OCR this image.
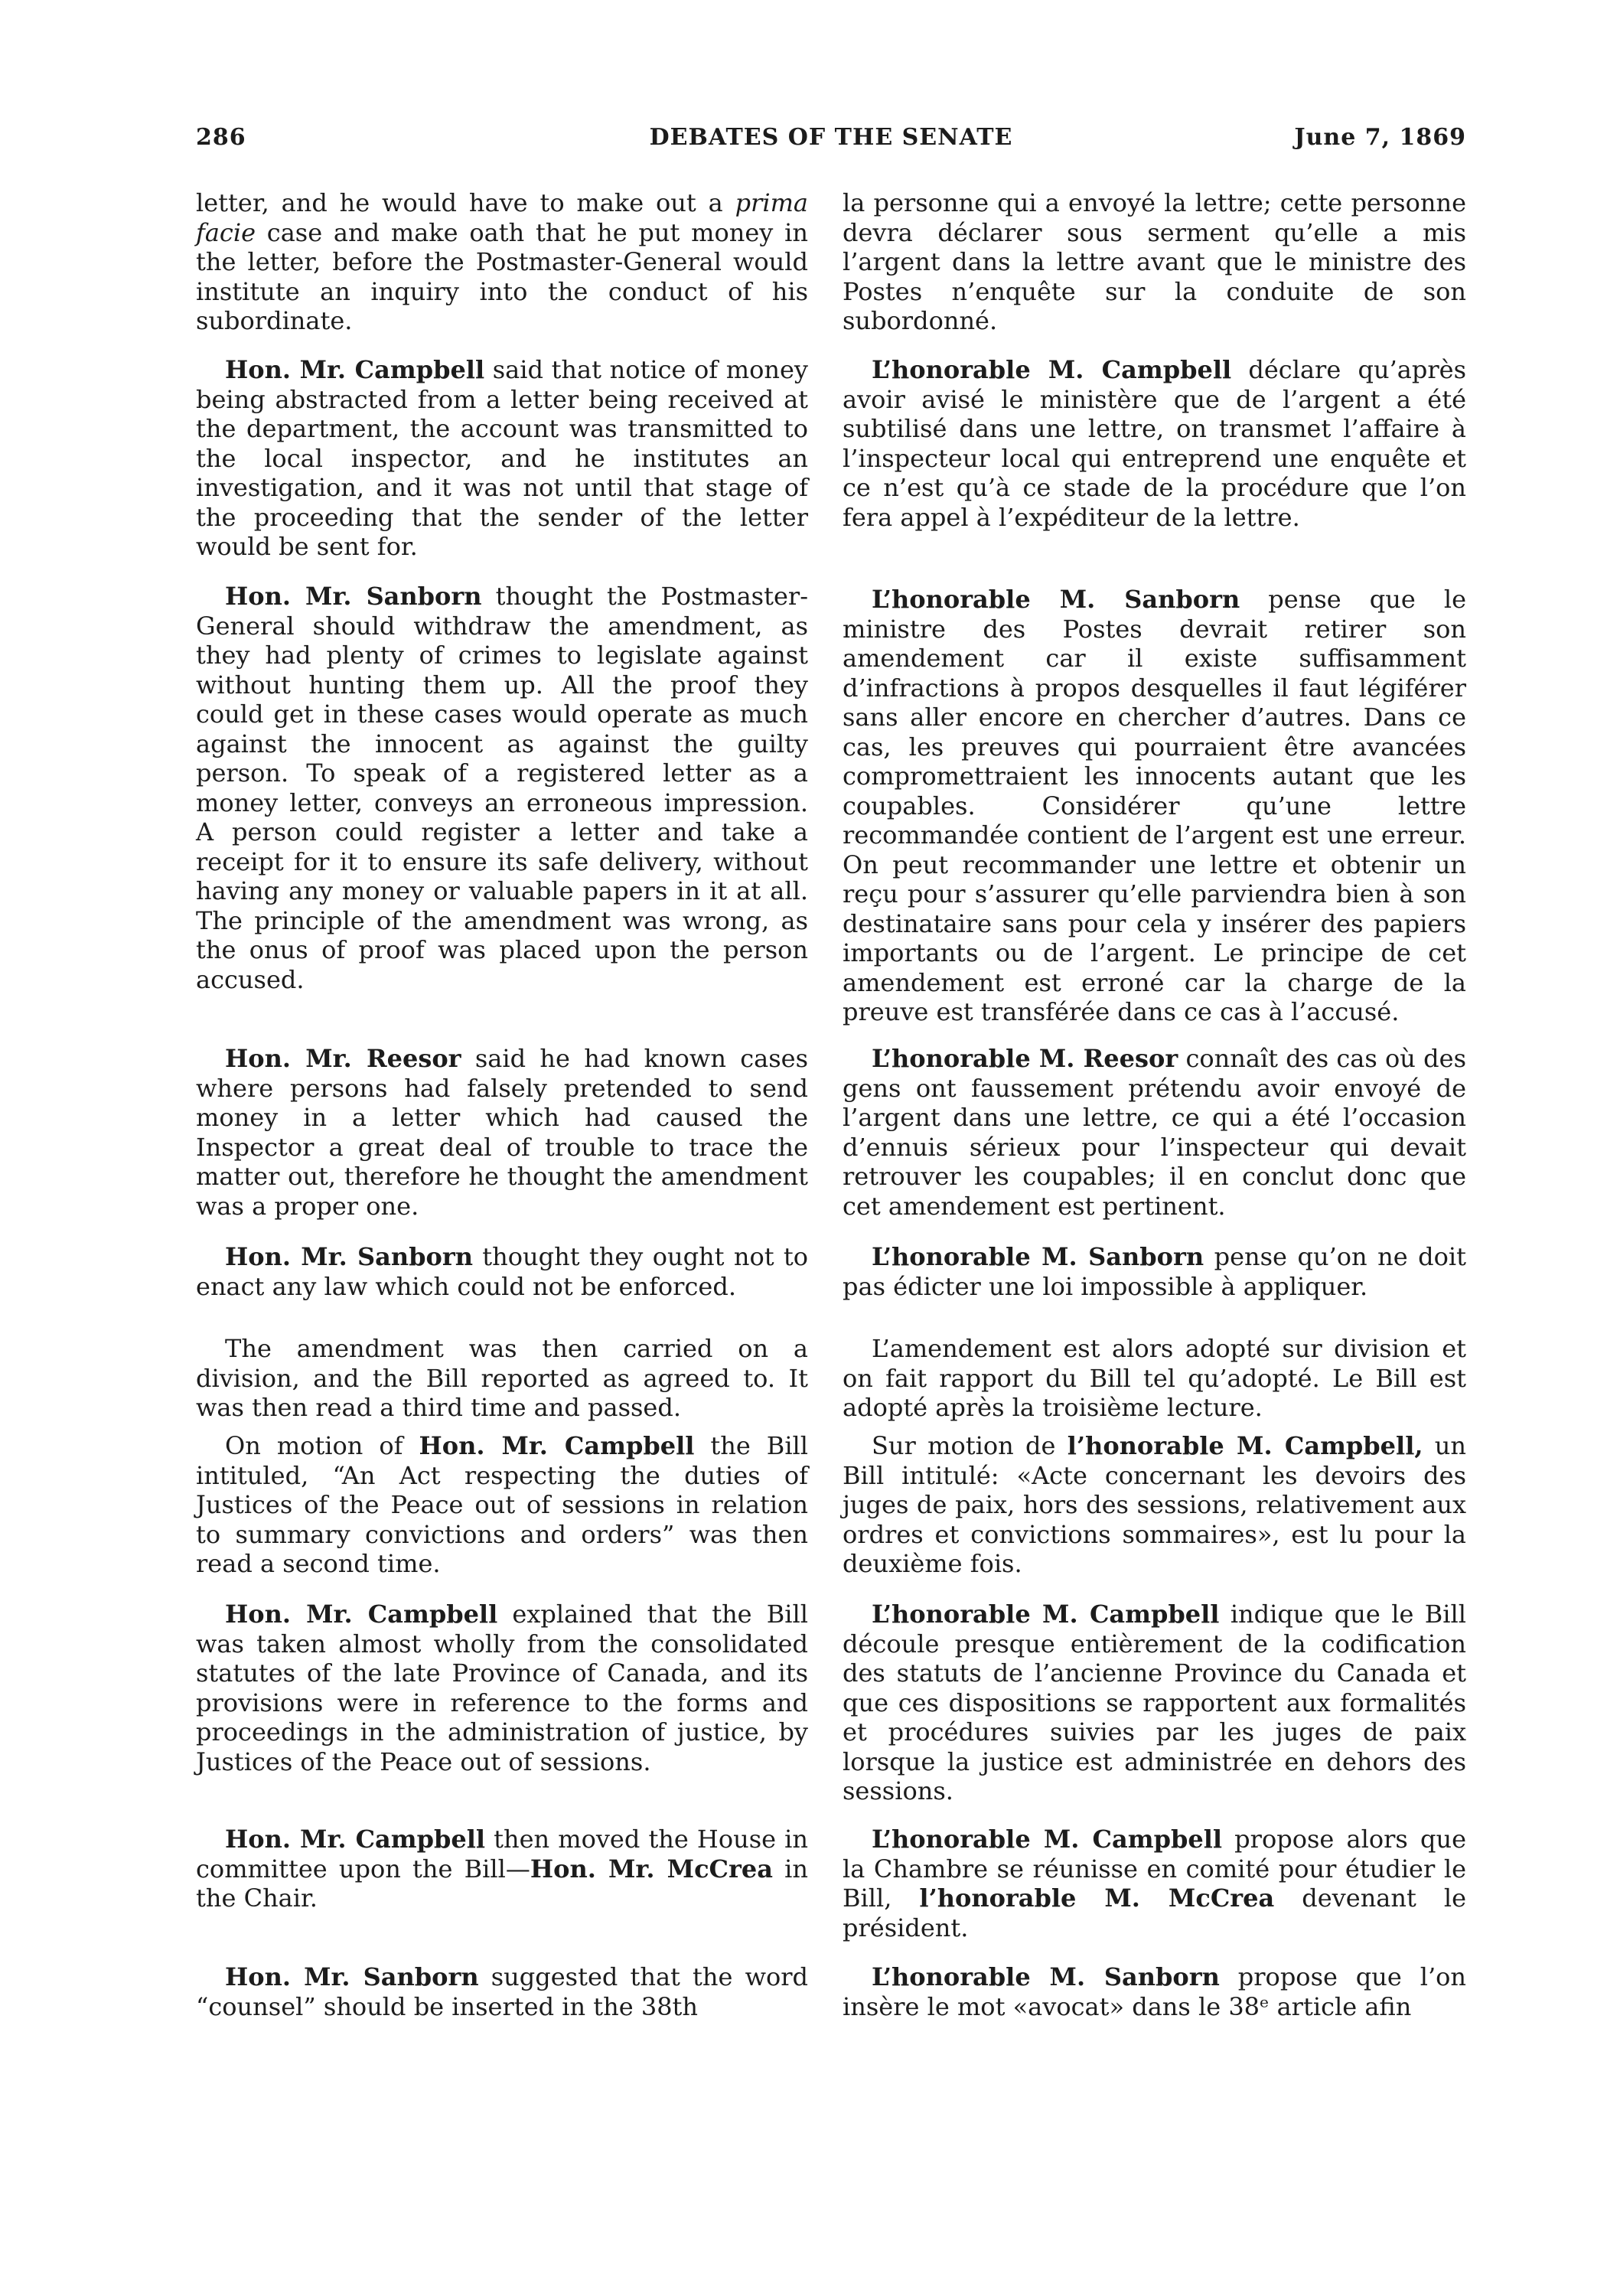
DEBATES OF THE SENATE
286	June 7, 1869

letter, and he would have to make out a prima facie case and make oath that he put money in the letter, before the Postmaster-General would institute an inquiry into the conduct of his subordinate.

Hon. Mr. Campbell said that notice of money being abstracted from a letter being received at the department, the account was transmitted to the local inspector, and he institutes an investigation, and it was not until that stage of the proceeding that the sender of the letter would be sent for.

Hon. Mr. Sanborn thought the Postmaster-General should withdraw the amendment, as they had plenty of crimes to legislate against without hunting them up. All the proof they could get in these cases would operate as much against the innocent as against the guilty person. To speak of a registered letter as a money letter, conveys an erroneous impression. A person could register a letter and take a receipt for it to ensure its safe delivery, without having any money or valuable papers in it at all. The principle of the amendment was wrong, as the onus of proof was placed upon the person accused.

Hon. Mr. Reesor said he had known cases where persons had falsely pretended to send money in a letter which had caused the Inspector a great deal of trouble to trace the matter out, therefore he thought the amendment was a proper one.

Hon. Mr. Sanborn thought they ought not to enact any law which could not be enforced.

The amendment was then carried on a division, and the Bill reported as agreed to. It was then read a third time and passed.

On motion of Hon. Mr. Campbell the Bill intituled, “An Act respecting the duties of Justices of the Peace out of sessions in relation to summary convictions and orders” was then read a second time.

Hon. Mr. Campbell explained that the Bill was taken almost wholly from the consolidated statutes of the late Province of Canada, and its provisions were in reference to the forms and proceedings in the administration of justice, by Justices of the Peace out of sessions.

Hon. Mr. Campbell then moved the House in committee upon the Bill—Hon. Mr. McCrea in the Chair.

Hon. Mr. Sanborn suggested that the word “counsel” should be inserted in the 38th

la personne qui a envoyé la lettre; cette personne devra déclarer sous serment qu’elle a mis l’argent dans la lettre avant que le ministre des Postes n’enquête sur la conduite de son subordonné.

L’honorable M. Campbell déclare qu’après avoir avisé le ministère que de l’argent a été subtilisé dans une lettre, on transmet l’affaire à l’inspecteur local qui entreprend une enquête et ce n’est qu’à ce stade de la procédure que l’on fera appel à l’expéditeur de la lettre.

L’honorable M. Sanborn pense que le ministre des Postes devrait retirer son amendement car il existe suffisamment d’infractions à propos desquelles il faut légiférer sans aller encore en chercher d’autres. Dans ce cas, les preuves qui pourraient être avancées compromettraient les innocents autant que les coupables. Considérer qu’une lettre recommandée contient de l’argent est une erreur. On peut recommander une lettre et obtenir un reçu pour s’assurer qu’elle parviendra bien à son destinataire sans pour cela y insérer des papiers importants ou de l’argent. Le principe de cet amendement est erroné car la charge de la preuve est transférée dans ce cas à l’accusé.

L’honorable M. Reesor connaît des cas où des gens ont faussement prétendu avoir envoyé de l’argent dans une lettre, ce qui a été l’occasion d’ennuis sérieux pour l’inspecteur qui devait retrouver les coupables; il en conclut donc que cet amendement est pertinent.

L’honorable M. Sanborn pense qu’on ne doit pas édicter une loi impossible à appliquer.

L’amendement est alors adopté sur division et on fait rapport du Bill tel qu’adopté. Le Bill est adopté après la troisième lecture.

Sur motion de l’honorable M. Campbell, un Bill intitulé: «Acte concernant les devoirs des juges de paix, hors des sessions, relativement aux ordres et convictions sommaires», est lu pour la deuxième fois.

L’honorable M. Campbell indique que le Bill découle presque entièrement de la codification des statuts de l’ancienne Province du Canada et que ces dispositions se rapportent aux formalités et procédures suivies par les juges de paix lorsque la justice est administrée en dehors des sessions.

L’honorable M. Campbell propose alors que la Chambre se réunisse en comité pour étudier le Bill, l’honorable M. McCrea devenant le président.

L’honorable M. Sanborn propose que l’on insère le mot «avocat» dans le 38ᵉ article afin
